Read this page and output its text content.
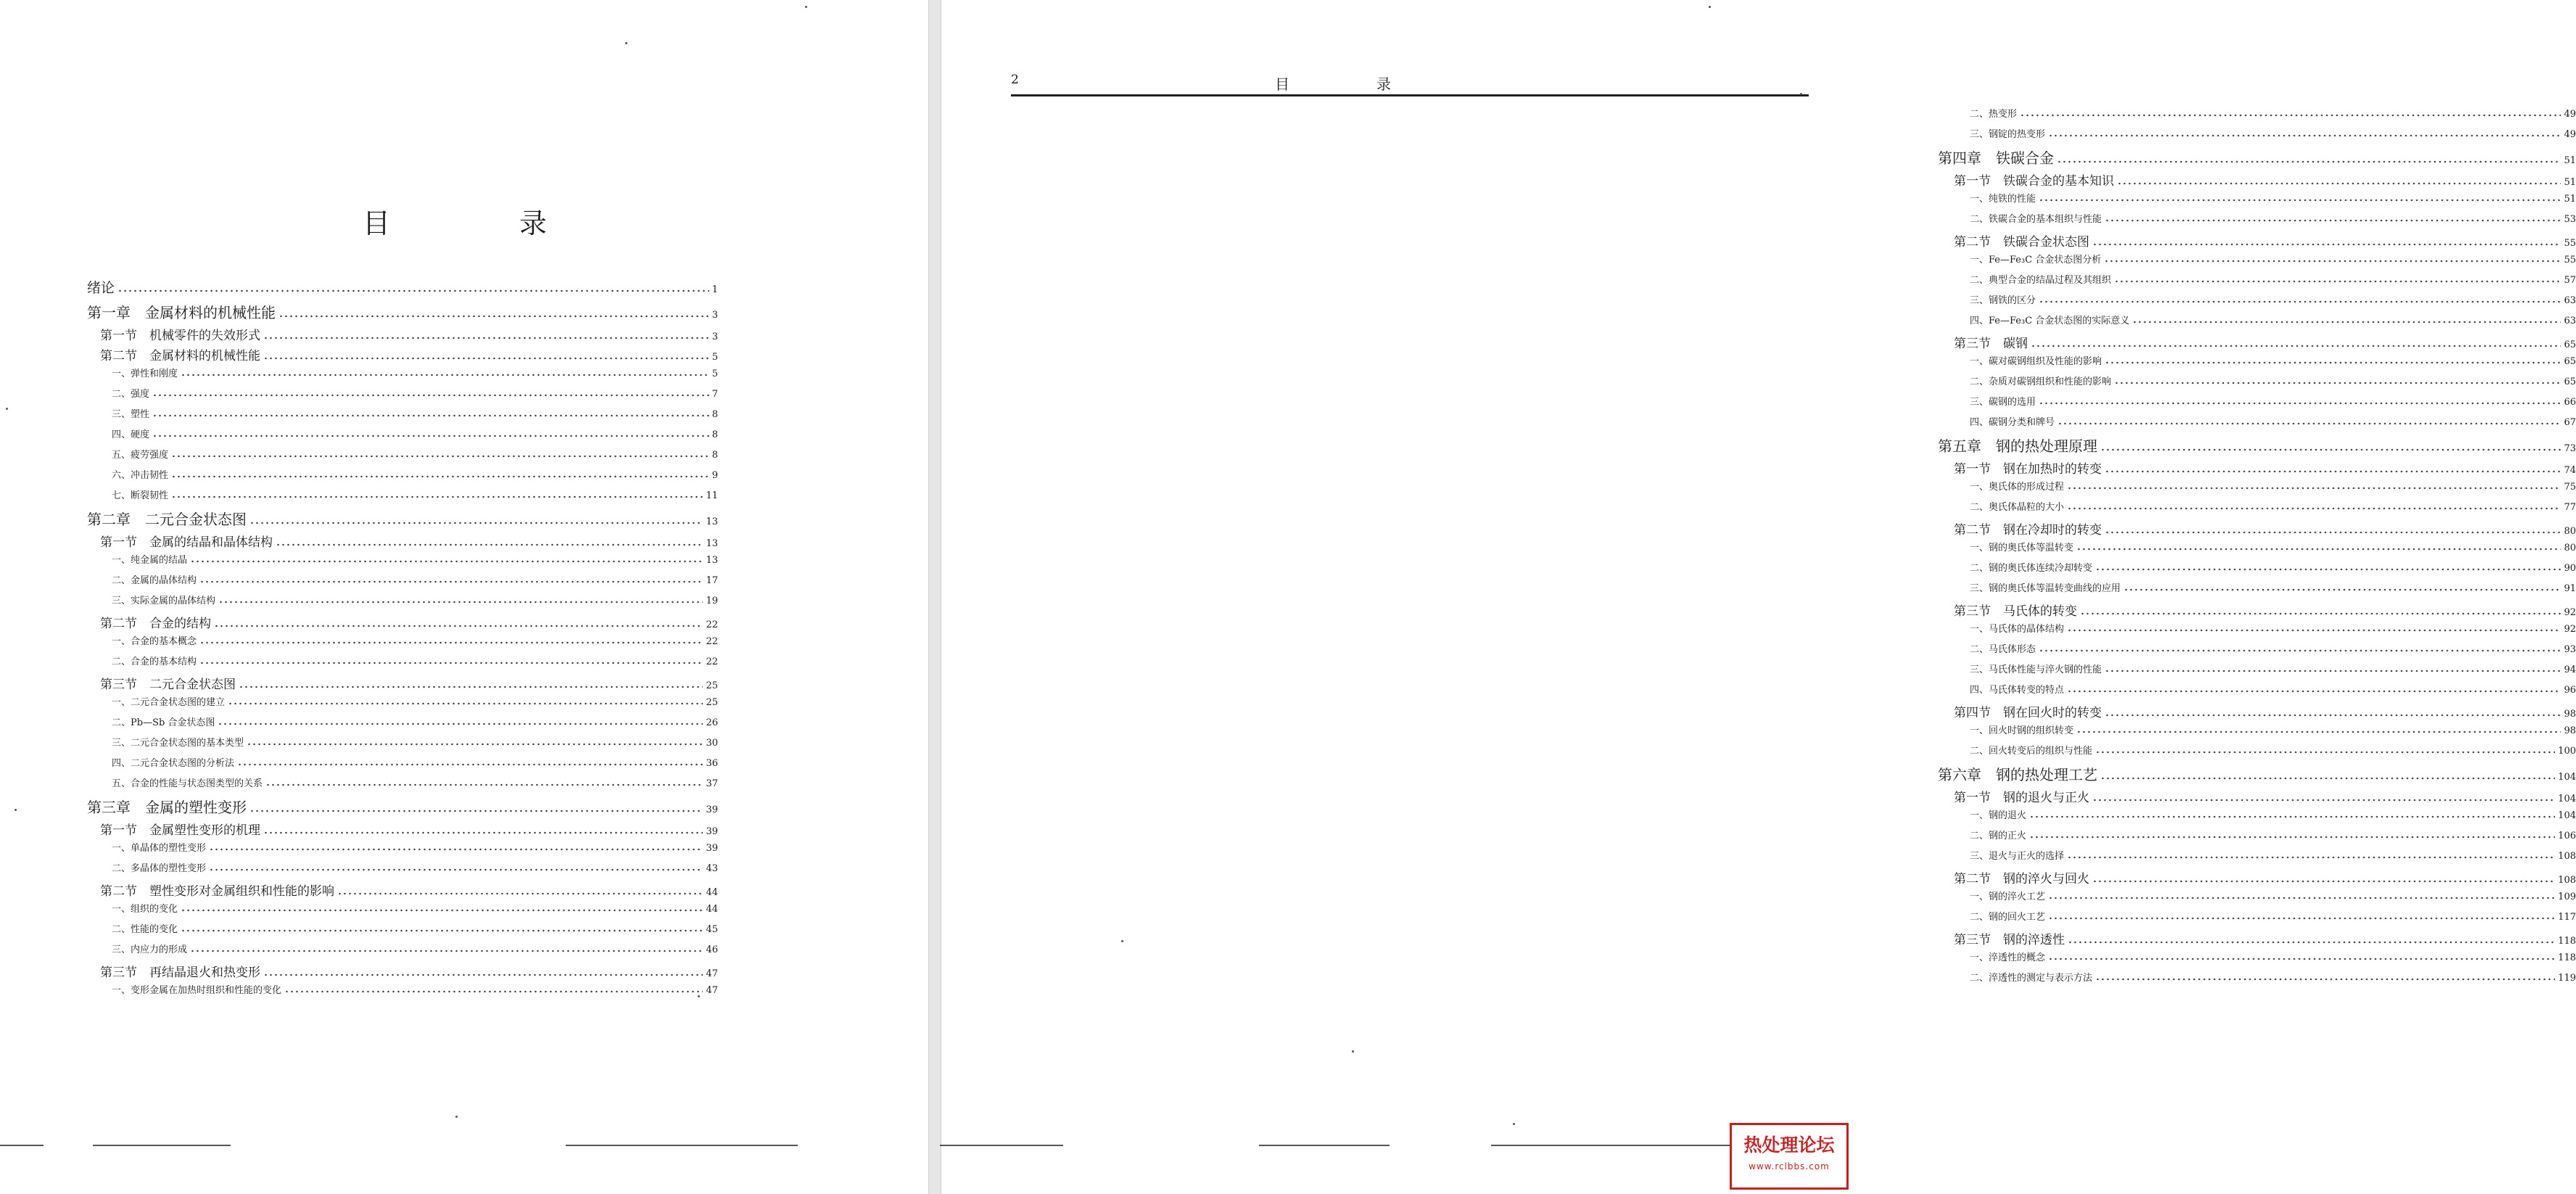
目　录
绪论	1
第一章　金属材料的机械性能	3
第一节　机械零件的失效形式	3
第二节　金属材料的机械性能	5
一、弹性和刚度	5
二、强度	7
三、塑性	8
四、硬度	8
五、疲劳强度	8
六、冲击韧性	9
七、断裂韧性	11
第二章　二元合金状态图	13
第一节　金属的结晶和晶体结构	13
一、纯金属的结晶	13
二、金属的晶体结构	17
三、实际金属的晶体结构	19
第二节　合金的结构	22
一、合金的基本概念	22
二、合金的基本结构	22
第三节　二元合金状态图	25
一、二元合金状态图的建立	25
二、Pb—Sb 合金状态图	26
三、二元合金状态图的基本类型	30
四、二元合金状态图的分析法	36
五、合金的性能与状态图类型的关系	37
第三章　金属的塑性变形	39
第一节　金属塑性变形的机理	39
一、单晶体的塑性变形	39
二、多晶体的塑性变形	43
第二节　塑性变形对金属组织和性能的影响	44
一、组织的变化	44
二、性能的变化	45
三、内应力的形成	46
第三节　再结晶退火和热变形	47
一、变形金属在加热时组织和性能的变化	47
2	目　录
二、热变形	49
三、钢锭的热变形	49
第四章　铁碳合金	51
第一节　铁碳合金的基本知识	51
一、纯铁的性能	51
二、铁碳合金的基本组织与性能	53
第二节　铁碳合金状态图	55
一、Fe—Fe₃C 合金状态图分析	55
二、典型合金的结晶过程及其组织	57
三、钢铁的区分	63
四、Fe—Fe₃C 合金状态图的实际意义	63
第三节　碳钢	65
一、碳对碳钢组织及性能的影响	65
二、杂质对碳钢组织和性能的影响	65
三、碳钢的选用	66
四、碳钢分类和牌号	67
第五章　钢的热处理原理	73
第一节　钢在加热时的转变	74
一、奥氏体的形成过程	75
二、奥氏体晶粒的大小	77
第二节　钢在冷却时的转变	80
一、钢的奥氏体等温转变	80
二、钢的奥氏体连续冷却转变	90
三、钢的奥氏体等温转变曲线的应用	91
第三节　马氏体的转变	92
一、马氏体的晶体结构	92
二、马氏体形态	93
三、马氏体性能与淬火钢的性能	94
四、马氏体转变的特点	96
第四节　钢在回火时的转变	98
一、回火时钢的组织转变	98
二、回火转变后的组织与性能	100
第六章　钢的热处理工艺	104
第一节　钢的退火与正火	104
一、钢的退火	104
二、钢的正火	106
三、退火与正火的选择	108
第二节　钢的淬火与回火	108
一、钢的淬火工艺	109
二、钢的回火工艺	117
第三节　钢的淬透性	118
一、淬透性的概念	118
二、淬透性的测定与表示方法	119
热处理论坛
www.rclbbs.com
